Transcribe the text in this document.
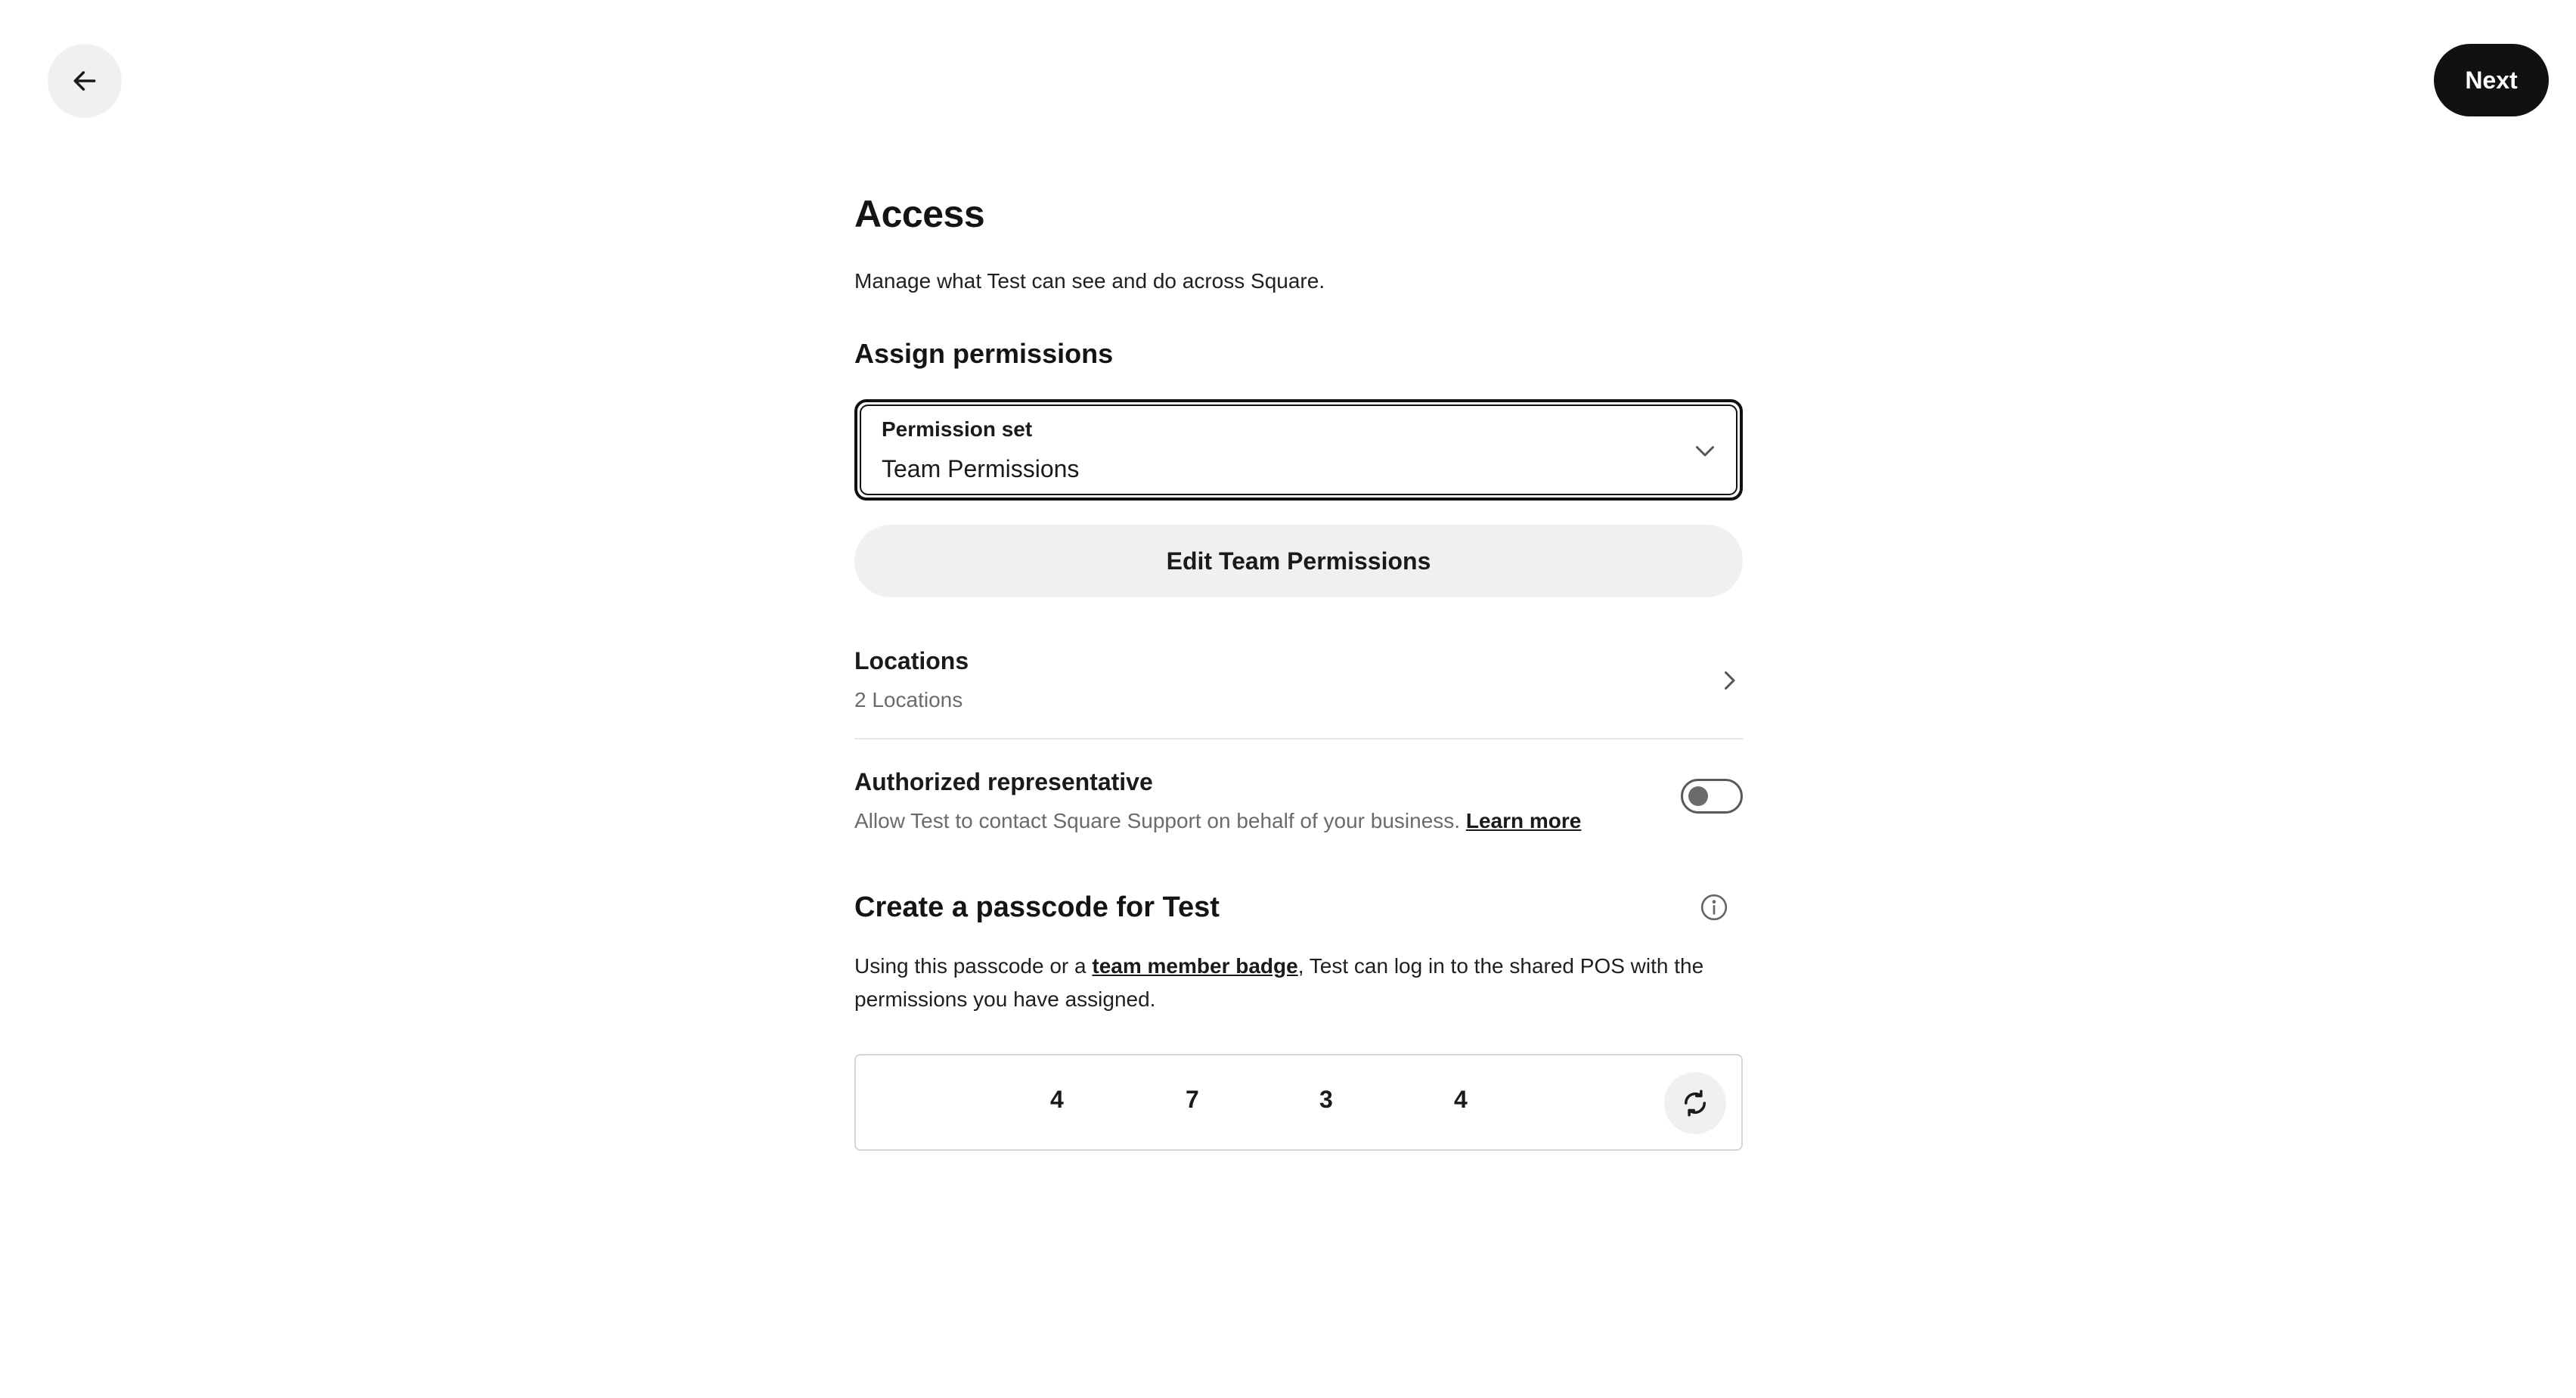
Next
Access

Manage what Test can see and do across Square.

Assign permissions
Permission set
Team Permissions
Edit Team Permissions
Locations
2 Locations
Authorized representative
Allow Test to contact Square Support on behalf of your business. Learn more
Create a passcode for Test

Using this passcode or a team member badge, Test can log in to the shared POS with the permissions you have assigned.

4	7	3	4
